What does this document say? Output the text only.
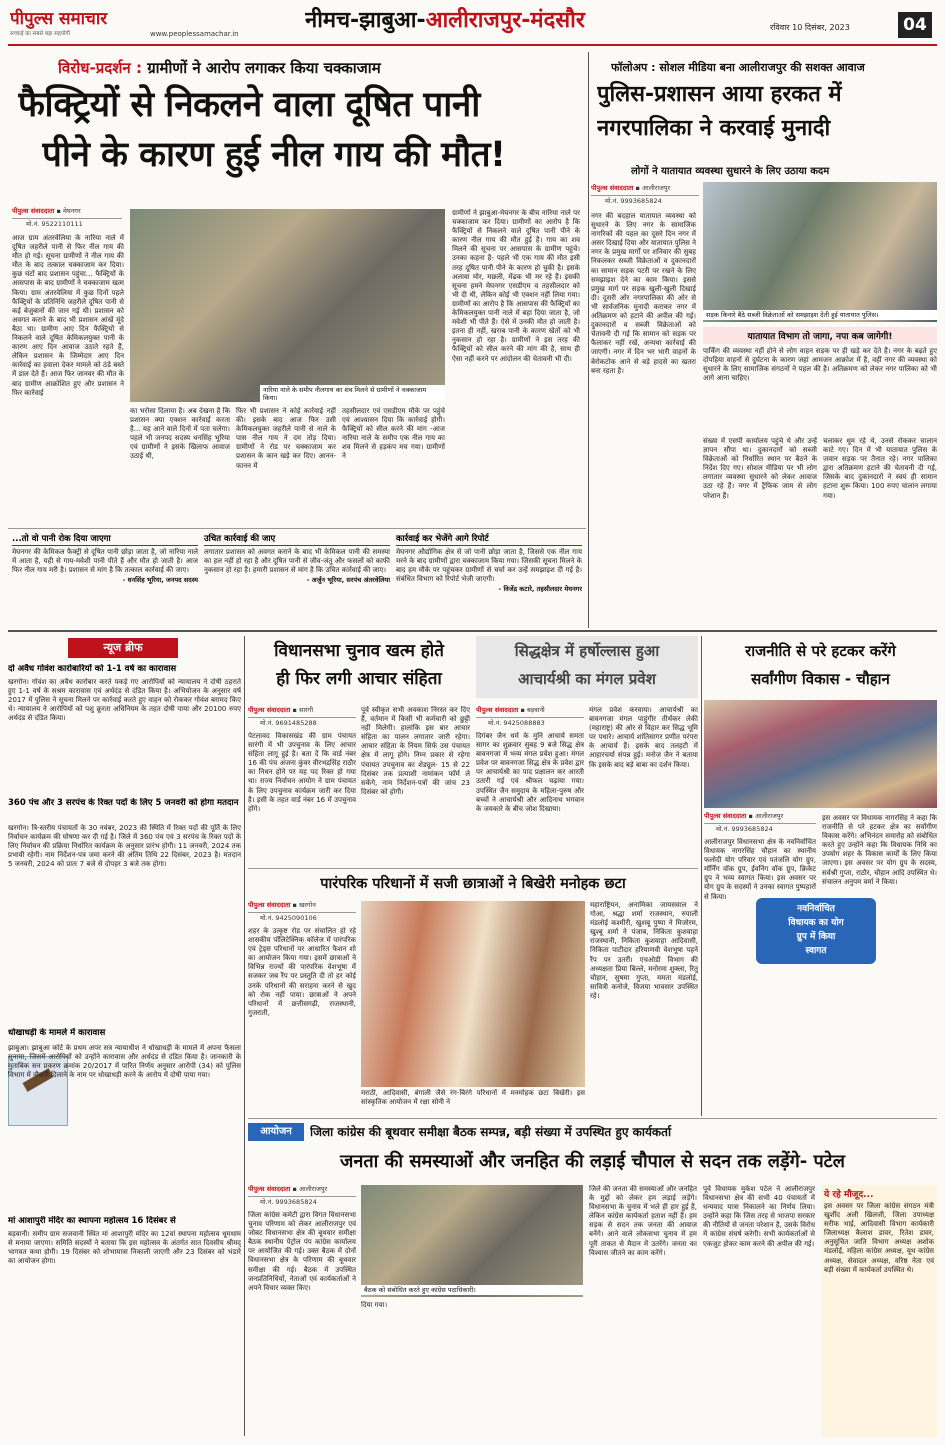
पीपुल्स समाचार
सच्चाई का सबसे बड़ा सहयोगी	www.peoplessamachar.in
नीमच-झाबुआ-आलीराजपुर-मंदसौर	रविवार 10 दिसंबर, 2023	04
विरोध-प्रदर्शन : ग्रामीणों ने आरोप लगाकर किया चक्काजाम
फैक्ट्रियों से निकलने वाला दूषित पानी
पीने के कारण हुई नील गाय की मौत!
पीपुल्स संवाददाता ▪ मेघनगर
मो.नं. 9522110111
आज ग्राम अंतरवेलिया के नारिया नाले में दूषित जहरीले पानी से फिर नील गाय की मौत हो गई। सूचना ग्रामीणों ने नील गाय की मौत के बाद तत्काल चक्काजाम कर दिया। कुछ घंटों बाद प्रशासन पहुंचा... फैक्ट्रियों के आसपास के बाद ग्रामीणों ने चक्काजाम खत्म किया। ग्राम अंतरवेलिया में कुछ दिनों पहले फैक्ट्रियों के प्रतिनिधि जहरीले दूषित पानी से कई बेजुबानों की जान गई थी। प्रशासन को अवगत कराने के बाद भी प्रशासन आंखें मूंदे बैठा था। ग्रामीण आए दिन फैक्ट्रियों से निकलने वाले दूषित केमिकलयुक्त पानी के कारण आए दिन आवाज उठाते रहते हैं, लेकिन प्रशासन के जिम्मेदार आए दिन कार्रवाई का हवाला देकर मामले को ठंडे बस्ते में डाल देते हैं। आज फिर जानवर की मौत के बाद ग्रामीण आक्रोशित हुए और प्रशासन ने फिर कार्रवाई	नारिया नाले के समीप नीलगाय का शव मिलने से ग्रामीणों ने चक्काजाम किया।
ग्रामीणों ने झाबुआ-मेघनगर के बीच नारिया नाले पर चक्काजाम कर दिया। ग्रामीणों का आरोप है कि फैक्ट्रियों से निकलने वाले दूषित पानी पीने के कारण नील गाय की मौत हुई है। गाय का शव मिलने की सूचना पर आसपास के ग्रामीण पहुंचे। उनका कहना है- पहले भी एक गाय की मौत इसी तरह दूषित पानी पीने के कारण हो चुकी है। इसके अलावा मोर, मछली, मेंढक भी मर रहे हैं। इसकी सूचना हमने मेघनगर एसडीएम व तहसीलदार को भी दी थी, लेकिन कोई भी एक्शन नहीं लिया गया। ग्रामीणों का आरोप है कि आसपास की फैक्ट्रियों का केमिकलयुक्त पानी नाले में बहा दिया जाता है, जो मवेशी भी पीते हैं। ऐसे में उनकी मौत हो जाती है। इतना ही नहीं, खराब पानी के कारण खेतों को भी नुकसान हो रहा है। ग्रामीणों ने इस तरह की फैक्ट्रियों को सील करने की मांग की है, साथ ही ऐसा नहीं करने पर आंदोलन की चेतावनी भी दी।
का भरोसा दिलाया है। अब देखना है कि प्रशासन क्या एक्शन कार्रवाई करता है... यह आने वाले दिनों में पता चलेगा। पहले भी जनपद सदस्य धनसिंह भूरिया एवं ग्रामीणों ने इसके खिलाफ आवाज उठाई थी,
फिर भी प्रशासन ने कोई कार्रवाई नहीं की। इसके बाद आज फिर उसी केमिकलयुक्त जहरीले पानी से नाले के पास नील गाय ने दम तोड़ दिया। ग्रामीणों ने रोड पर चक्काजाम कर प्रशासन के कान खड़े कर दिए। आनन-फानन में
तहसीलदार एवं एसडीएम मौके पर पहुंचे एवं आश्वासन दिया कि कार्रवाई होगी। फैक्ट्रियों को सील करने की मांग -आज नारिया नाले के समीप एक नील गाय का शव मिलने से हड़कंप मच गया। ग्रामीणों ने
फॉलोअप : सोशल मीडिया बना आलीराजपुर की सशक्त आवाज
पुलिस-प्रशासन आया हरकत में
नगरपालिका ने करवाई मुनादी
लोगों ने यातायात व्यवस्था सुधारने के लिए उठाया कदम
पीपुल्स संवाददाता ▪ आलीराजपुर
मो.नं. 9993685824
नगर की बदहाल यातायात व्यवस्था को सुधारने के लिए नगर के सामाजिक नागरिकों की पहल का दूसरे दिन नगर में असर दिखाई दिया और यातायात पुलिस ने नगर के प्रमुख मार्गों पर शनिवार की सुबह निकलकर सब्जी विक्रेताओं व दुकानदारों का सामान सड़क पटरी पर रखने के लिए समझाइश देने का काम किया। इससे प्रमुख मार्ग पर सड़क खुली-खुली दिखाई दी। दूसरी ओर नगरपालिका की ओर से भी सार्वजनिक मुनादी कराकर नगर में अतिक्रमण को हटाने की अपील की गई। दुकानदारों व सब्जी विक्रेताओं को चेतावनी दी गई कि सामान को सड़क पर फैलाकर नहीं रखें, अन्यथा कार्रवाई की जाएगी। नगर में दिन भर भारी वाहनों के बेरोकटोक आने से बड़े हादसे का खतरा बना रहता है।
सड़क किनारे बैठे सब्जी विक्रेताओं को समझाइश देती हुई यातायात पुलिस।
यातायात विभाग तो जागा, नपा कब जागेगी!
पार्किंग की व्यवस्था नहीं होने से लोग वाहन सड़क पर ही खड़े कर देते हैं। नगर के बढ़ते हुए दोपहिया वाहनों से दुर्घटना के कारण जहां आमजन आक्रोश में है, वहीं नगर की व्यवस्था को सुधारने के लिए सामाजिक संगठनों ने पहल की है। अतिक्रमण को लेकर नगर पालिका को भी आगे आना चाहिए।
संख्या में एसपी कार्यालय पहुंचे थे और उन्हें ज्ञापन सौंपा था। दुकानदारों को सब्जी विक्रेताओं को निर्धारित स्थान पर बैठने के निर्देश दिए गए। सोशल मीडिया पर भी लोग लगातार व्यवस्था सुधारने को लेकर आवाज उठा रहे हैं। नगर में ट्रैफिक जाम से लोग परेशान हैं।
चलाकर धूम रहे थे, उनसे रोककर चालान काटे गए। दिन में भी यातायात पुलिस के जवान सड़क पर तैनात रहे। नगर पालिका द्वारा अतिक्रमण हटाने की चेतावनी दी गई, जिसके बाद दुकानदारों ने स्वयं ही सामान हटाना शुरू किया। 100 रुपए चालान लगाया गया।
...तो वो पानी रोक दिया जाएगा
मेघनगर की केमिकल फैक्ट्री से दूषित पानी छोड़ा जाता है, जो नारिया नाले में आता है, यही से गाय-मवेशी पानी पीते हैं और मौत हो जाती है। आज फिर नील गाय मरी है। प्रशासन से मांग है कि तत्काल कार्रवाई की जाए।
- धनसिंह भूरिया, जनपद सदस्य
उचित कार्रवाई की जाए
लगातार प्रशासन को अवगत कराने के बाद भी केमिकल पानी की समस्या का हल नहीं हो रहा है और दूषित पानी से जीव-जंतु और फसलों को काफी नुकसान हो रहा है। हमारी प्रशासन से मांग है कि उचित कार्रवाई की जाए।
- अर्जुन भूरिया, सरपंच अंतरवेलिया
कार्रवाई कर भेजेंगे आगे रिपोर्ट
मेघनगर औद्योगिक क्षेत्र से जो पानी छोड़ा जाता है, जिससे एक नील गाय मरने के बाद ग्रामीणों द्वारा चक्काजाम किया गया। जिसकी सूचना मिलने के बाद हम मौके पर पहुंचकर ग्रामीणों से चर्चा कर उन्हें समझाइश दी गई है। संबंधित विभाग को रिपोर्ट भेजी जाएगी।
- विजेंद्र कटारे, तहसीलदार मेघनगर
न्यूज ब्रीफ
दो अवैध गोवंश कारोबारियों को 1-1 वर्ष का कारावास
खरगोन। गोवंश का अवैध कारोबार करते पकड़े गए आरोपियों को न्यायालय ने दोषी ठहराते हुए 1-1 वर्ष के सश्रम कारावास एवं अर्थदंड से दंडित किया है। अभियोजन के अनुसार वर्ष 2017 में पुलिस ने सूचना मिलने पर कार्रवाई करते हुए वाहन को रोककर गोवंश बरामद किए थे। न्यायालय ने आरोपियों को पशु क्रूरता अधिनियम के तहत दोषी पाया और 20100 रुपए अर्थदंड से दंडित किया।
360 पंच और 3 सरपंच के रिक्त पदों के लिए 5 जनवरी को होगा मतदान
खरगोन। त्रि-स्तरीय पंचायतों के 30 नवंबर, 2023 की स्थिति में रिक्त पदों की पूर्ति के लिए निर्वाचन कार्यक्रम की घोषणा कर दी गई है। जिले में 360 पंच एवं 3 सरपंच के रिक्त पदों के लिए निर्वाचन की प्रक्रिया निर्धारित कार्यक्रम के अनुसार प्रारंभ होगी। 11 जनवरी, 2024 तक प्रभावी रहेगी। नाम निर्देशन-पत्र जमा करने की अंतिम तिथि 22 दिसंबर, 2023 है। मतदान 5 जनवरी, 2024 को प्रातः 7 बजे से दोपहर 3 बजे तक होगा।
धोखाधड़ी के मामले में कारावास
झाबुआ। झाबुआ कोर्ट के प्रथम अपर सत्र न्यायाधीश ने धोखाधड़ी के मामले में अपना फैसला सुनाया, जिसमें आरोपियों को उन्होंने कारावास और अर्थदंड से दंडित किया है। जानकारी के मुताबिक सन प्रकरण क्रमांक 20/2017 में पारित निर्णय अनुसार आरोपी (34) को पुलिस विभाग में नौकरी दिलाने के नाम पर धोखाधड़ी करने के आरोप में दोषी पाया गया।
मां आशापुरी मंदिर का स्थापना महोत्सव 16 दिसंबर से
बड़वानी। समीप ग्राम सजवानी स्थित मां आशापुरी मंदिर का 12वां स्थापना महोत्सव धूमधाम से मनाया जाएगा। समिति सदस्यों ने बताया कि इस महोत्सव के अंतर्गत सात दिवसीय श्रीमद् भागवत कथा होगी। 19 दिसंबर को शोभायात्रा निकाली जाएगी और 23 दिसंबर को भंडारे का आयोजन होगा।
विधानसभा चुनाव खत्म होते
ही फिर लगी आचार संहिता
पीपुल्स संवाददाता ▪ सारंगी
मो.नं. 9691485288
पेटलावद विकासखंड की ग्राम पंचायत सारंगी में भी उपचुनाव के लिए आचार संहिता लागू हुई है। बता दें कि वार्ड नंबर 16 की पंच अंजना कुंवर वीरभद्रसिंह राठौर का निधन होने पर यह पद रिक्त हो गया था। राज्य निर्वाचन आयोग ने ग्राम पंचायत के लिए उपचुनाव कार्यक्रम जारी कर दिया है। इसी के तहत वार्ड नंबर 16 में उपचुनाव होंगे।
पूर्व स्वीकृत सभी अवकाश निरस्त कर दिए हैं, वर्तमान में किसी भी कर्मचारी को छुट्टी नहीं मिलेगी। हालांकि इस बार आचार संहिता का पालन लगातार जारी रहेगा। आचार संहिता के नियम सिर्फ उस पंचायत क्षेत्र में लागू होंगे। निम्न प्रकार से रहेगा पंचायत उपचुनाव का शेड्यूल- 15 से 22 दिसंबर तक प्रत्याशी नामांकन फॉर्म ले सकेंगे, नाम निर्देशन-पत्रों की जांच 23 दिसंबर को होगी।
सिद्धक्षेत्र में हर्षोल्लास हुआ
आचार्यश्री का मंगल प्रवेश
पीपुल्स संवाददाता ▪ बड़वानी
मो.नं. 9425088883
दिगंबर जैन धर्म के मुनि आचार्य समता सागर का शुक्रवार सुबह 9 बजे सिद्ध क्षेत्र बावनगजा में भव्य मंगल प्रवेश हुआ। मंगल प्रवेश पर बावनगजा सिद्ध क्षेत्र के प्रवेश द्वार पर आचार्यश्री का पाद प्रक्षालन कर आरती उतारी गई एवं श्रीफल चढ़ाया गया। उपस्थित जैन समुदाय के महिला-पुरुष और बच्चों ने आचार्यश्री और आदिनाथ भगवान के जयकारे के बीच जोश दिखाया।
मंगल प्रवेश करवाया। आचार्यश्री का बावनगजा मंगल पाहुंगीर तीर्थंकर लेकी (महाराष्ट्र) की ओर से विहार कर सिद्ध भूमि पर पधारे। आचार्य शांतिसागर प्रणीत परंपरा के आचार्य हैं। इसके बाद तलहटी में आहारचर्या संपन्न हुई। मनोज जैन ने बताया कि इसके बाद बड़े बाबा का दर्शन किया।
राजनीति से परे हटकर करेंगे
सर्वांगीण विकास - चौहान
पीपुल्स संवाददाता ▪ आलीराजपुर
मो.नं. 9993685824
आलीराजपुर विधानसभा क्षेत्र के नवनिर्वाचित विधायक नागरसिंह चौहान का स्थानीय फलोदी योग परिवार एवं पतंजलि योग ग्रुप, मॉर्निंग वॉक ग्रुप, ईवनिंग वॉक ग्रुप, क्रिकेट ग्रुप ने भव्य स्वागत किया। इस अवसर पर योग ग्रुप के सदस्यों ने उनका स्वागत पुष्पहारों से किया।
इस अवसर पर विधायक नागरसिंह ने कहा कि राजनीति से परे हटकर क्षेत्र का सर्वांगीण विकास करेंगे। अभिनंदन समारोह को संबोधित करते हुए उन्होंने कहा कि विधायक निधि का उपयोग शहर के विकास कार्यों के लिए किया जाएगा। इस अवसर पर योग ग्रुप के सदस्य, सर्वश्री गुप्ता, राठौर, चौहान आदि उपस्थित थे। संचालन अनुपम वर्मा ने किया।
नवनिर्वाचित
विधायक का योग
ग्रुप में किया
स्वागत
पारंपरिक परिधानों में सजी छात्राओं ने बिखेरी मनोहक छटा
पीपुल्स संवाददाता ▪ खरगोन
मो.नं. 9425090106
शहर के उत्कृष्ट रोड पर संचालित हो रहे शासकीय पॉलिटेक्निक कॉलेज में पारंपरिक एवं ट्रेड्स परिधानों पर आधारित फैशन शो का आयोजन किया गया। इसमें छात्राओं ने विभिन्न राज्यों की पारंपरिक वेशभूषा में सजकर जब रैंप पर प्रस्तुति दी तो हर कोई उनके परिधानों की सराहना करने से खुद को रोक नहीं पाया। छात्राओं ने अपने परिधानों में छत्तीसगढ़ी, राजस्थानी, गुजराती,
मराठी, आदिवासी, बंगाली जैसे रंग-बिरंगे परिधानों में मनमोहक छटा बिखेरी। इस सांस्कृतिक आयोजन में रक्षा सोनी ने
महाराष्ट्रियन, अनामिका जायसवाल ने गोआ, श्रद्धा शर्मा राजस्थान, रुपाली मंडलोई कश्मीरी, खुशबू पुष्पा ने मिजोरम, खुश्बू शर्मा ने पंजाब, निकिता कुशवाहा राजस्थानी, निकिता कुशवाहा आदिवासी, निकिता पाटीदार हरियाणवी वेशभूषा पहने रैंप पर उतरीं। एचओडी विभाग की अध्यक्षता प्रिया बिल्ले, मनोरमा शुक्ला, रितु चौहान, सुषमा गुप्ता, ममता मंडलोई, सावित्री कनोजे, विजया भावसार उपस्थित रहे।
आयोजन	जिला कांग्रेस की बूथवार समीक्षा बैठक सम्पन्न, बड़ी संख्या में उपस्थित हुए कार्यकर्ता
जनता की समस्याओं और जनहित की लड़ाई चौपाल से सदन तक लड़ेंगे- पटेल
पीपुल्स संवाददाता ▪ आलीराजपुर
मो.नं. 9993685824
जिला कांग्रेस कमेटी द्वारा विगत विधानसभा चुनाव परिणाम को लेकर आलीराजपुर एवं जोबट विधानसभा क्षेत्र की बूथवार समीक्षा बैठक स्थानीय पेट्रोल पंप कांग्रेस कार्यालय पर आयोजित की गई। उक्त बैठक में दोनों विधानसभा क्षेत्र के परिणाम की बूथवार समीक्षा की गई। बैठक में उपस्थित जनप्रतिनिधियों, नेताओं एवं कार्यकर्ताओं ने अपने विचार व्यक्त किए।	बैठक को संबोधित करते हुए कांग्रेस पदाधिकारी।
दिया गया।
जिले की जनता की समस्याओं और जनहित के मुद्दों को लेकर हम लड़ाई लड़ेंगे। विधानसभा के चुनाव में भले ही हार हुई है, लेकिन कांग्रेस कार्यकर्ता हताश नहीं हैं। हम सड़क से सदन तक जनता की आवाज बनेंगे। आने वाले लोकसभा चुनाव में हम पूरी ताकत से मैदान में उतरेंगे। जनता का विश्वास जीतने का काम करेंगे।
पूर्व विधायक मुकेश पटेल ने आलीराजपुर विधानसभा क्षेत्र की सभी 40 पंचायतों में धन्यवाद यात्रा निकालने का निर्णय लिया। उन्होंने कहा कि जिस तरह से भाजपा सरकार की नीतियों से जनता परेशान है, उसके विरोध में कांग्रेस संघर्ष करेगी। सभी कार्यकर्ताओं से एकजुट होकर काम करने की अपील की गई।
ये रहे मौजूद...
इस अवसर पर जिला कांग्रेस संगठन मंत्री खुर्शीद अली खिलजी, जिला उपाध्यक्ष सरीफ भाई, आदिवासी विभाग कार्यकारी जिलाध्यक्ष कैलाश डावर, रितेश डावर, अनुसूचित जाति विभाग अध्यक्ष अशोक मंडलोई, महिला कांग्रेस अध्यक्ष, यूथ कांग्रेस अध्यक्ष, सेवादल अध्यक्ष, वरिष्ठ नेता एवं बड़ी संख्या में कार्यकर्ता उपस्थित थे।
